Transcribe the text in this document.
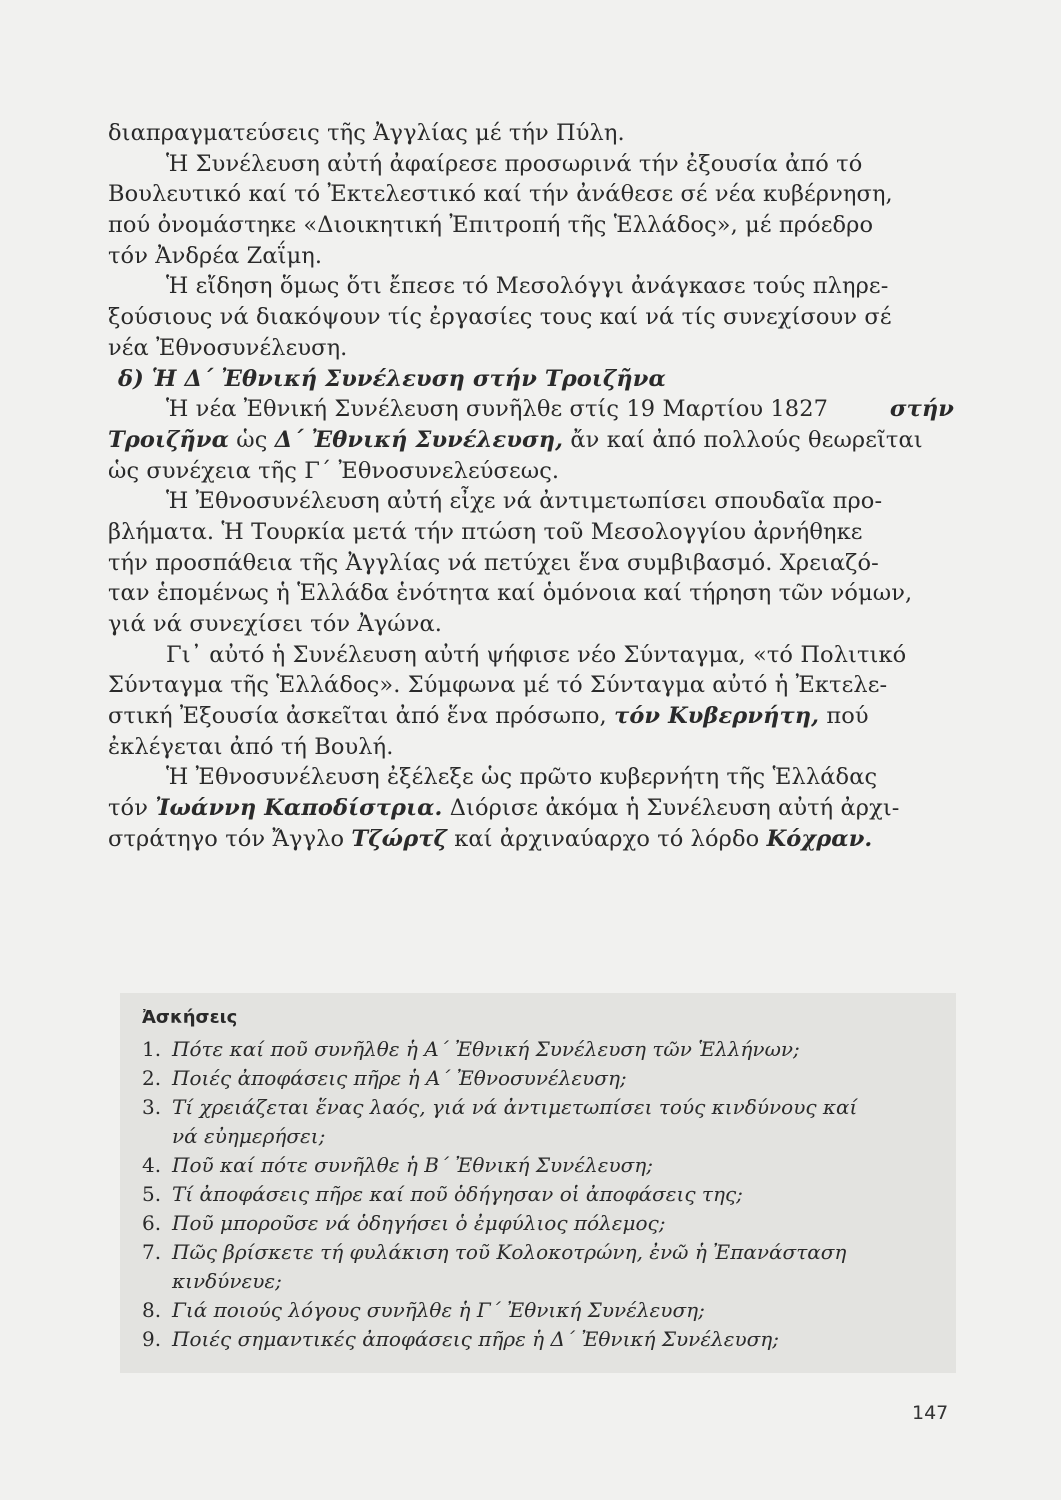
διαπραγματεύσεις τῆς Ἀγγλίας μέ τήν Πύλη.
Ἡ Συνέλευση αὐτή ἀφαίρεσε προσωρινά τήν ἐξουσία ἀπό τό
Βουλευτικό καί τό Ἐκτελεστικό καί τήν ἀνάθεσε σέ νέα κυβέρνηση,
πού ὀνομάστηκε «Διοικητική Ἐπιτροπή τῆς Ἑλλάδος», μέ πρόεδρο
τόν Ἀνδρέα Ζαΐμη.
Ἡ εἴδηση ὅμως ὅτι ἔπεσε τό Μεσολόγγι ἀνάγκασε τούς πληρε-
ξούσιους νά διακόψουν τίς ἐργασίες τους καί νά τίς συνεχίσουν σέ
νέα Ἐθνοσυνέλευση.
δ) Ἡ Δ΄ Ἐθνική Συνέλευση στήν Τροιζῆνα
Ἡ νέα Ἐθνική Συνέλευση συνῆλθε στίς 19 Μαρτίου 1827	στήν
Τροιζῆνα ὡς Δ΄ Ἐθνική Συνέλευση, ἄν καί ἀπό πολλούς θεωρεῖται
ὡς συνέχεια τῆς Γ΄ Ἐθνοσυνελεύσεως.
Ἡ Ἐθνοσυνέλευση αὐτή εἶχε νά ἀντιμετωπίσει σπουδαῖα προ-
βλήματα. Ἡ Τουρκία μετά τήν πτώση τοῦ Μεσολογγίου ἀρνήθηκε
τήν προσπάθεια τῆς Ἀγγλίας νά πετύχει ἕνα συμβιβασμό. Χρειαζό-
ταν ἑπομένως ἡ Ἑλλάδα ἑνότητα καί ὁμόνοια καί τήρηση τῶν νόμων,
γιά νά συνεχίσει τόν Ἀγώνα.
Γι᾿ αὐτό ἡ Συνέλευση αὐτή ψήφισε νέο Σύνταγμα, «τό Πολιτικό
Σύνταγμα τῆς Ἑλλάδος». Σύμφωνα μέ τό Σύνταγμα αὐτό ἡ Ἐκτελε-
στική Ἐξουσία ἀσκεῖται ἀπό ἕνα πρόσωπο, τόν Κυβερνήτη, πού
ἐκλέγεται ἀπό τή Βουλή.
Ἡ Ἐθνοσυνέλευση ἐξέλεξε ὡς πρῶτο κυβερνήτη τῆς Ἑλλάδας
τόν Ἰωάννη Καποδίστρια. Διόρισε ἀκόμα ἡ Συνέλευση αὐτή ἀρχι-
στράτηγο τόν Ἄγγλο Τζώρτζ καί ἀρχιναύαρχο τό λόρδο Κόχραν.
Ἀσκήσεις
1. Πότε καί ποῦ συνῆλθε ἡ Α΄ Ἐθνική Συνέλευση τῶν Ἑλλήνων;
2. Ποιές ἀποφάσεις πῆρε ἡ Α΄ Ἐθνοσυνέλευση;
3. Τί χρειάζεται ἕνας λαός, γιά νά ἀντιμετωπίσει τούς κινδύνους καί
νά εὐημερήσει;
4. Ποῦ καί πότε συνῆλθε ἡ Β΄ Ἐθνική Συνέλευση;
5. Τί ἀποφάσεις πῆρε καί ποῦ ὁδήγησαν οἱ ἀποφάσεις της;
6. Ποῦ μποροῦσε νά ὁδηγήσει ὁ ἐμφύλιος πόλεμος;
7. Πῶς βρίσκετε τή φυλάκιση τοῦ Κολοκοτρώνη, ἐνῶ ἡ Ἐπανάσταση
κινδύνευε;
8. Γιά ποιούς λόγους συνῆλθε ἡ Γ΄ Ἐθνική Συνέλευση;
9. Ποιές σημαντικές ἀποφάσεις πῆρε ἡ Δ΄ Ἐθνική Συνέλευση;
147
